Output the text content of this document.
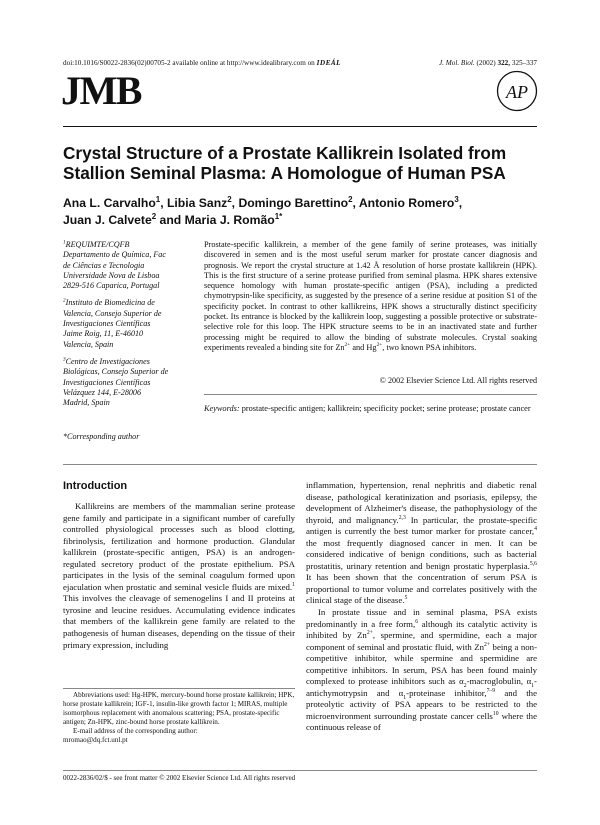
doi:10.1016/S0022-2836(02)00705-2 available online at http://www.idealibrary.com on IDEÁL	J. Mol. Biol. (2002) 322, 325–337
JMB	AP
Crystal Structure of a Prostate Kallikrein Isolated from Stallion Seminal Plasma: A Homologue of Human PSA
Ana L. Carvalho$^1$, Libia Sanz$^2$, Domingo Barettino$^2$, Antonio Romero$^3$,
Juan J. Calvete$^2$ and Maria J. Romão$^{1*}$
$^1$REQUIMTE/CQFB
Departamento de Química, Fac
de Ciências e Tecnologia
Universidade Nova de Lisboa
2829-516 Caparica, Portugal
$^2$Instituto de Biomedicina de
Valencia, Consejo Superior de
Investigaciones Científicas
Jaime Roig, 11, E-46010
Valencia, Spain
$^3$Centro de Investigaciones
Biológicas, Consejo Superior de
Investigaciones Científicas
Velázquez 144, E-28006
Madrid, Spain
Prostate-specific kallikrein, a member of the gene family of serine proteases, was initially discovered in semen and is the most useful serum marker for prostate cancer diagnosis and prognosis. We report the crystal structure at 1.42 Å resolution of horse prostate kallikrein (HPK). This is the first structure of a serine protease purified from seminal plasma. HPK shares extensive sequence homology with human prostate-specific antigen (PSA), including a predicted chymotrypsin-like specificity, as suggested by the presence of a serine residue at position S1 of the specificity pocket. In contrast to other kallikreins, HPK shows a structurally distinct specificity pocket. Its entrance is blocked by the kallikrein loop, suggesting a possible protective or substrate-selective role for this loop. The HPK structure seems to be in an inactivated state and further processing might be required to allow the binding of substrate molecules. Crystal soaking experiments revealed a binding site for $Zn^{2+}$ and $Hg^{2+}$, two known PSA inhibitors.
© 2002 Elsevier Science Ltd. All rights reserved
Keywords: prostate-specific antigen; kallikrein; specificity pocket; serine protease; prostate cancer
*Corresponding author
Introduction

Kallikreins are members of the mammalian serine protease gene family and participate in a significant number of carefully controlled physiological processes such as blood clotting, fibrinolysis, fertilization and hormone production. Glandular kallikrein (prostate-specific antigen, PSA) is an androgen-regulated secretory product of the prostate epithelium. PSA participates in the lysis of the seminal coagulum formed upon ejaculation when prostatic and seminal vesicle fluids are mixed.$^1$ This involves the cleavage of semenogelins I and II proteins at tyrosine and leucine residues. Accumulating evidence indicates that members of the kallikrein gene family are related to the pathogenesis of human diseases, depending on the tissue of their primary expression, including

inflammation, hypertension, renal nephritis and diabetic renal disease, pathological keratinization and psoriasis, epilepsy, the development of Alzheimer's disease, the pathophysiology of the thyroid, and malignancy.$^{2,3}$ In particular, the prostate-specific antigen is currently the best tumor marker for prostate cancer,$^4$ the most frequently diagnosed cancer in men. It can be considered indicative of benign conditions, such as bacterial prostatitis, urinary retention and benign prostatic hyperplasia.$^{5,6}$ It has been shown that the concentration of serum PSA is proportional to tumor volume and correlates positively with the clinical stage of the disease.$^5$

In prostate tissue and in seminal plasma, PSA exists predominantly in a free form,$^6$ although its catalytic activity is inhibited by $Zn^{2+}$, spermine, and spermidine, each a major component of seminal and prostatic fluid, with $Zn^{2+}$ being a non-competitive inhibitor, while spermine and spermidine are competitive inhibitors. In serum, PSA has been found mainly complexed to protease inhibitors such as $\alpha_2$-macroglobulin, $\alpha_1$-antichymotrypsin and $\alpha_1$-proteinase inhibitor,$^{7-9}$ and the proteolytic activity of PSA appears to be restricted to the microenvironment surrounding prostate cancer cells$^{10}$ where the continuous release of

Abbreviations used: Hg-HPK, mercury-bound horse prostate kallikrein; HPK, horse prostate kallikrein; IGF-1, insulin-like growth factor 1; MIRAS, multiple isomorphous replacement with anomalous scattering; PSA, prostate-specific antigen; Zn-HPK, zinc-bound horse prostate kallikrein.
E-mail address of the corresponding author:
mromao@dq.fct.unl.pt
0022-2836/02/$ - see front matter © 2002 Elsevier Science Ltd. All rights reserved
